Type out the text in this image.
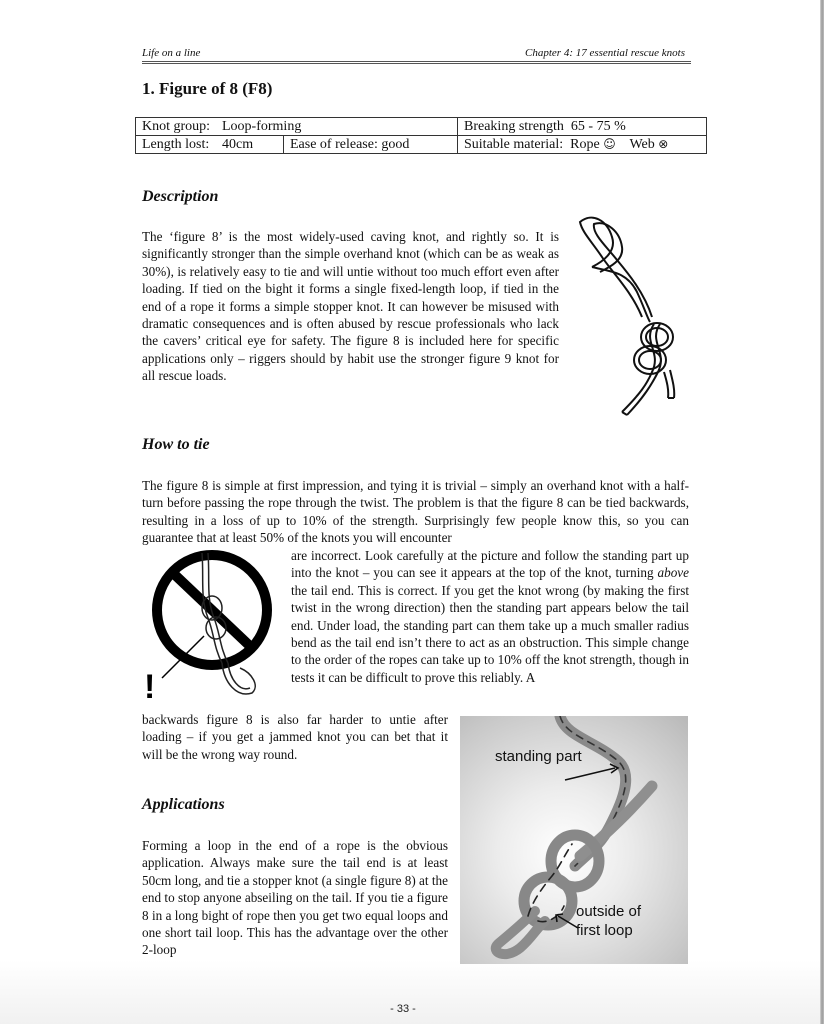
Life on a line	Chapter 4: 17 essential rescue knots
1. Figure of 8 (F8)
Knot group: Loop-forming		Breaking strength 65 - 75 %
Length lost: 40cm	Ease of release: good	Suitable material: Rope ☺ Web ⊗
Description

The ‘figure 8’ is the most widely-used caving knot, and rightly so. It is significantly stronger than the simple overhand knot (which can be as weak as 30%), is relatively easy to tie and will untie without too much effort even after loading. If tied on the bight it forms a single fixed-length loop, if tied in the end of a rope it forms a simple stopper knot. It can however be misused with dramatic consequences and is often abused by rescue professionals who lack the cavers’ critical eye for safety. The figure 8 is included here for specific applications only – riggers should by habit use the stronger figure 9 knot for all rescue loads.

How to tie

The figure 8 is simple at first impression, and tying it is trivial – simply an overhand knot with a half-turn before passing the rope through the twist. The problem is that the figure 8 can be tied backwards, resulting in a loss of up to 10% of the strength. Surprisingly few people know this, so you can guarantee that at least 50% of the knots you will encounter

!

are incorrect. Look carefully at the picture and follow the standing part up into the knot – you can see it appears at the top of the knot, turning above the tail end. This is correct. If you get the knot wrong (by making the first twist in the wrong direction) then the standing part appears below the tail end. Under load, the standing part can them take up a much smaller radius bend as the tail end isn’t there to act as an obstruction. This simple change to the order of the ropes can take up to 10% off the knot strength, though in tests it can be difficult to prove this reliably. A

backwards figure 8 is also far harder to untie after loading – if you get a jammed knot you can bet that it will be the wrong way round.

Applications

Forming a loop in the end of a rope is the obvious application. Always make sure the tail end is at least 50cm long, and tie a stopper knot (a single figure 8) at the end to stop anyone abseiling on the tail. If you tie a figure 8 in a long bight of rope then you get two equal loops and one short tail loop. This has the advantage over the other 2-loop

standing part
outside of
first loop
- 33 -
